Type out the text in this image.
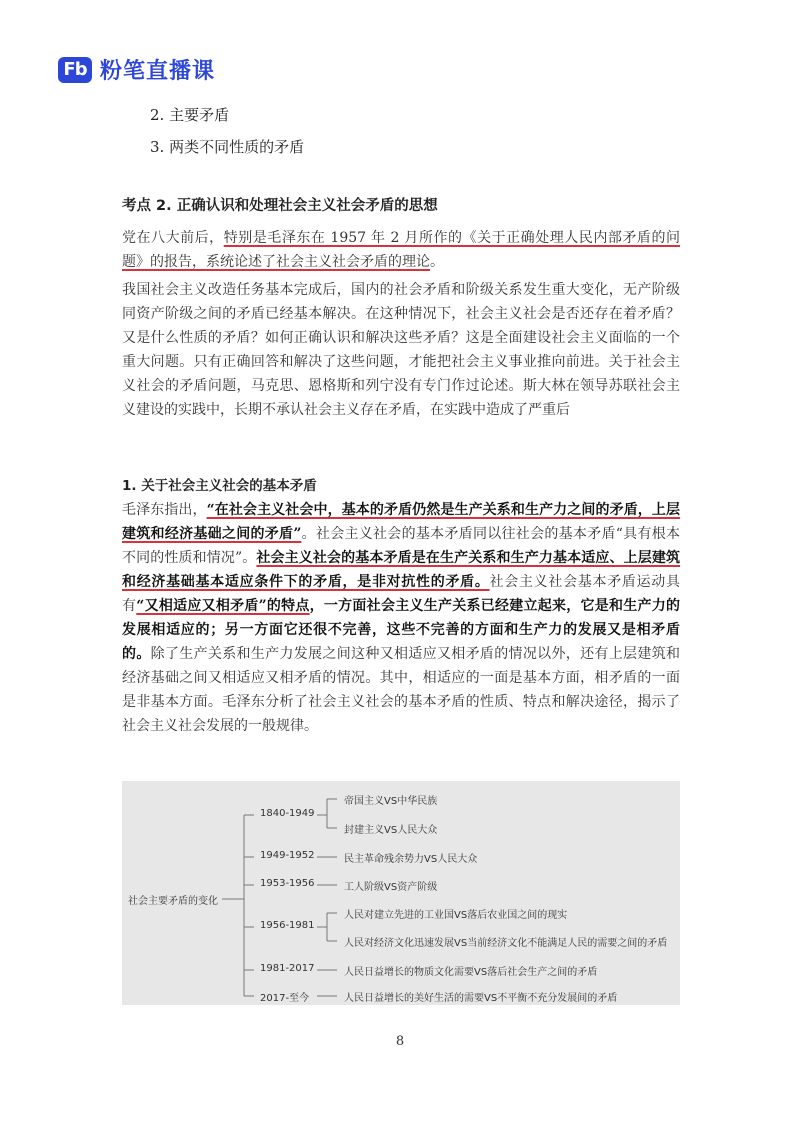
Fb 粉笔直播课
2. 主要矛盾
3. 两类不同性质的矛盾
考点 2. 正确认识和处理社会主义社会矛盾的思想
党在八大前后，特别是毛泽东在 1957 年 2 月所作的《关于正确处理人民内部矛盾的问题》的报告，系统论述了社会主义社会矛盾的理论。
我国社会主义改造任务基本完成后，国内的社会矛盾和阶级关系发生重大变化，无产阶级同资产阶级之间的矛盾已经基本解决。在这种情况下，社会主义社会是否还存在着矛盾？又是什么性质的矛盾？如何正确认识和解决这些矛盾？这是全面建设社会主义面临的一个重大问题。只有正确回答和解决了这些问题，才能把社会主义事业推向前进。关于社会主义社会的矛盾问题，马克思、恩格斯和列宁没有专门作过论述。斯大林在领导苏联社会主义建设的实践中，长期不承认社会主义存在矛盾，在实践中造成了严重后
1. 关于社会主义社会的基本矛盾
毛泽东指出，“在社会主义社会中，基本的矛盾仍然是生产关系和生产力之间的矛盾，上层建筑和经济基础之间的矛盾”。社会主义社会的基本矛盾同以往社会的基本矛盾“具有根本不同的性质和情况”。社会主义社会的基本矛盾是在生产关系和生产力基本适应、上层建筑和经济基础基本适应条件下的矛盾，是非对抗性的矛盾。社会主义社会基本矛盾运动具有“又相适应又相矛盾”的特点，一方面社会主义生产关系已经建立起来，它是和生产力的发展相适应的；另一方面它还很不完善，这些不完善的方面和生产力的发展又是相矛盾的。除了生产关系和生产力发展之间这种又相适应又相矛盾的情况以外，还有上层建筑和经济基础之间又相适应又相矛盾的情况。其中，相适应的一面是基本方面，相矛盾的一面是非基本方面。毛泽东分析了社会主义社会的基本矛盾的性质、特点和解决途径，揭示了社会主义社会发展的一般规律。
社会主要矛盾的变化
1840-1949
帝国主义VS中华民族
封建主义VS人民大众
1949-1952	民主革命残余势力VS人民大众
1953-1956	工人阶级VS资产阶级
1956-1981
人民对建立先进的工业国VS落后农业国之间的现实
人民对经济文化迅速发展VS当前经济文化不能满足人民的需要之间的矛盾
1981-2017	人民日益增长的物质文化需要VS落后社会生产之间的矛盾
2017-至今	人民日益增长的美好生活的需要VS不平衡不充分发展间的矛盾
8
